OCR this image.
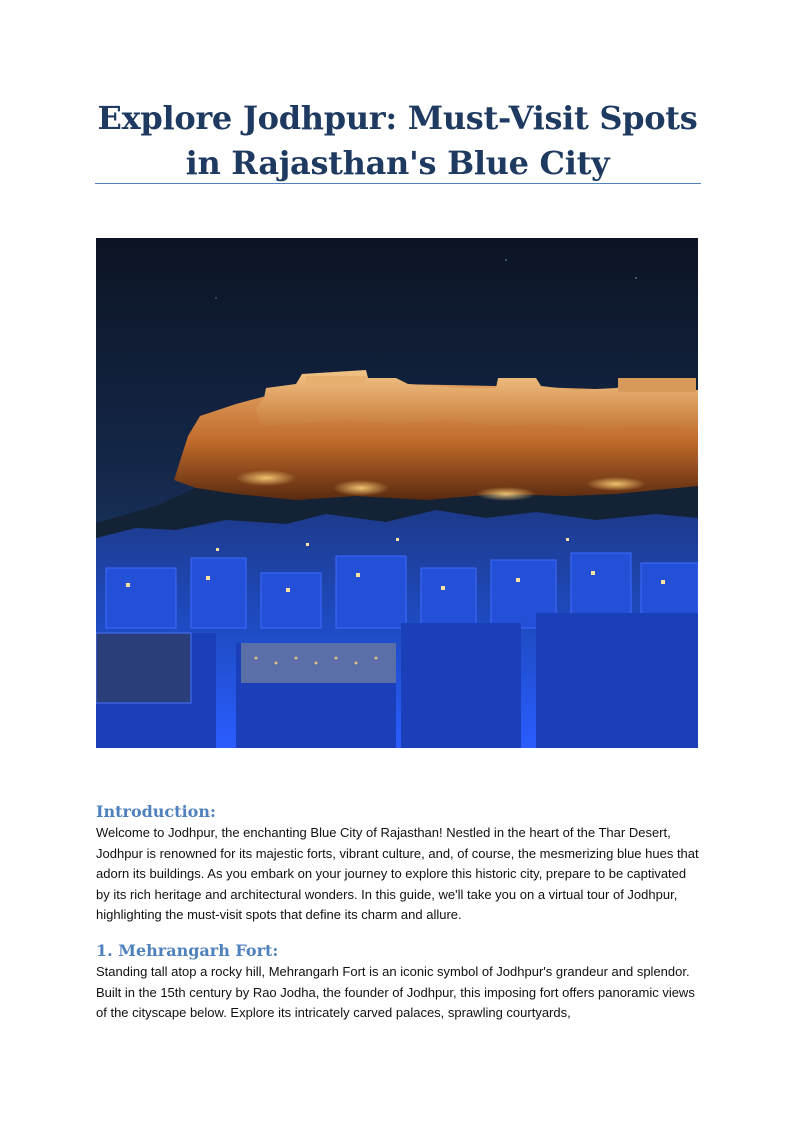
Explore Jodhpur: Must-Visit Spots in Rajasthan's Blue City
Introduction:

Welcome to Jodhpur, the enchanting Blue City of Rajasthan! Nestled in the heart of the Thar Desert, Jodhpur is renowned for its majestic forts, vibrant culture, and, of course, the mesmerizing blue hues that adorn its buildings. As you embark on your journey to explore this historic city, prepare to be captivated by its rich heritage and architectural wonders. In this guide, we'll take you on a virtual tour of Jodhpur, highlighting the must-visit spots that define its charm and allure.

1. Mehrangarh Fort:

Standing tall atop a rocky hill, Mehrangarh Fort is an iconic symbol of Jodhpur's grandeur and splendor. Built in the 15th century by Rao Jodha, the founder of Jodhpur, this imposing fort offers panoramic views of the cityscape below. Explore its intricately carved palaces, sprawling courtyards,
